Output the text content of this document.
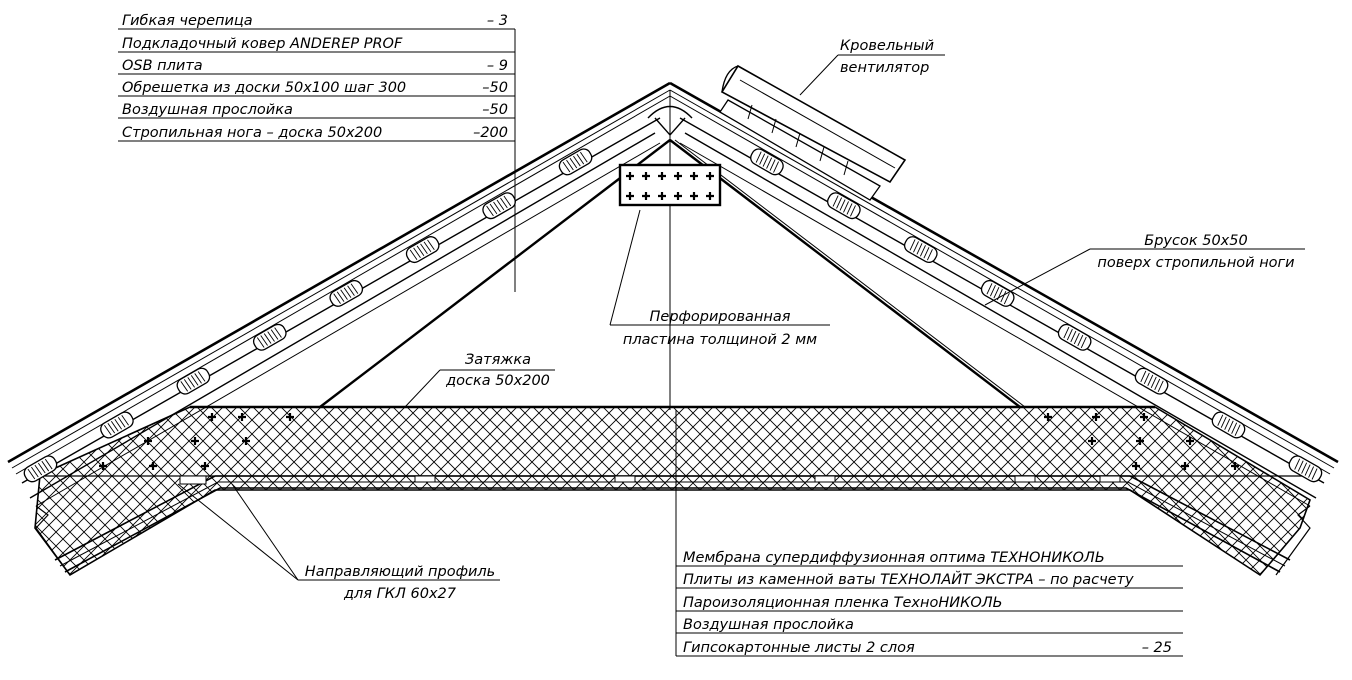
Гибкая черепица	– 3
Подкладочный ковер ANDEREP PROF
OSB плита	– 9
Обрешетка из доски 50х100 шаг 300	–50
Воздушная прослойка	–50
Стропильная нога – доска 50х200	–200
Кровельный
вентилятор
Брусок 50х50
поверх стропильной ноги
Перфорированная
пластина толщиной 2 мм
Затяжка
доска 50х200
Направляющий профиль
для ГКЛ 60х27
Мембрана супердиффузионная оптима ТЕХНОНИКОЛЬ
Плиты из каменной ваты ТЕХНОЛАЙТ ЭКСТРА – по расчету
Пароизоляционная пленка ТехноНИКОЛЬ
Воздушная прослойка
Гипсокартонные листы 2 слоя	– 25
